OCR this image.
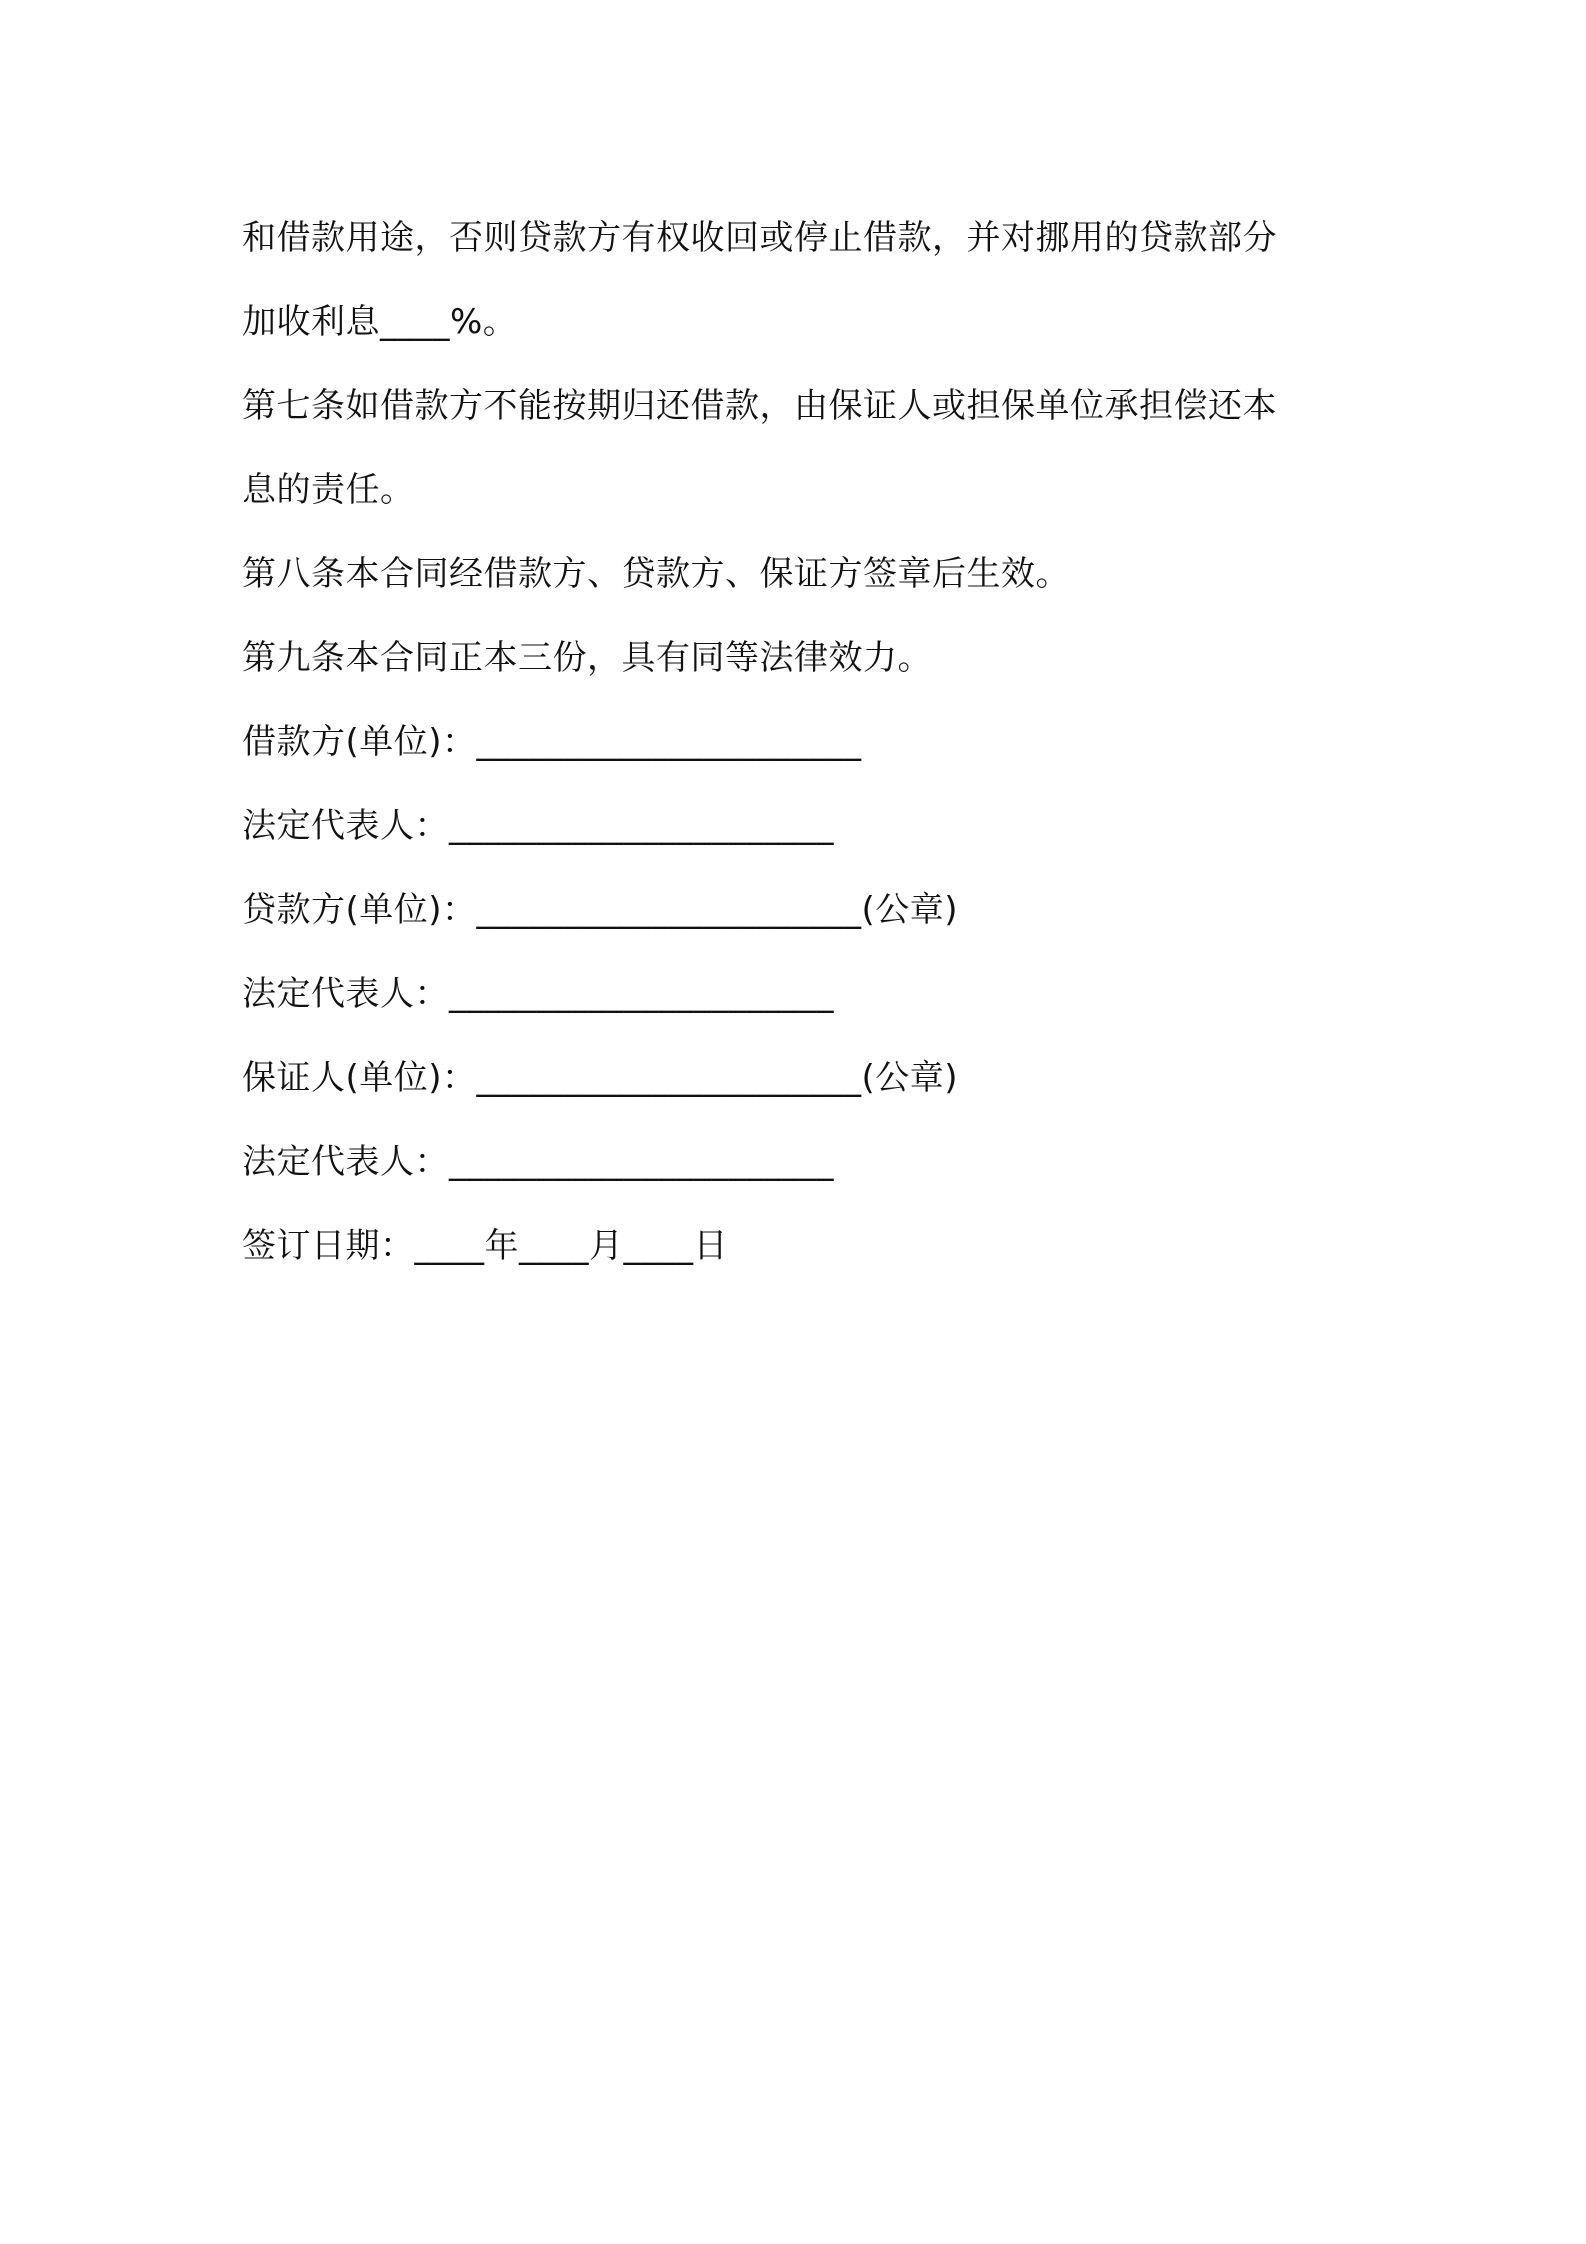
和借款用途，否则贷款方有权收回或停止借款，并对挪用的贷款部分
加收利息____%。
第七条如借款方不能按期归还借款，由保证人或担保单位承担偿还本
息的责任。
第八条本合同经借款方、贷款方、保证方签章后生效。
第九条本合同正本三份，具有同等法律效力。
借款方(单位)：______________________
法定代表人：______________________
贷款方(单位)：______________________(公章)
法定代表人：______________________
保证人(单位)：______________________(公章)
法定代表人：______________________
签订日期：____年____月____日
